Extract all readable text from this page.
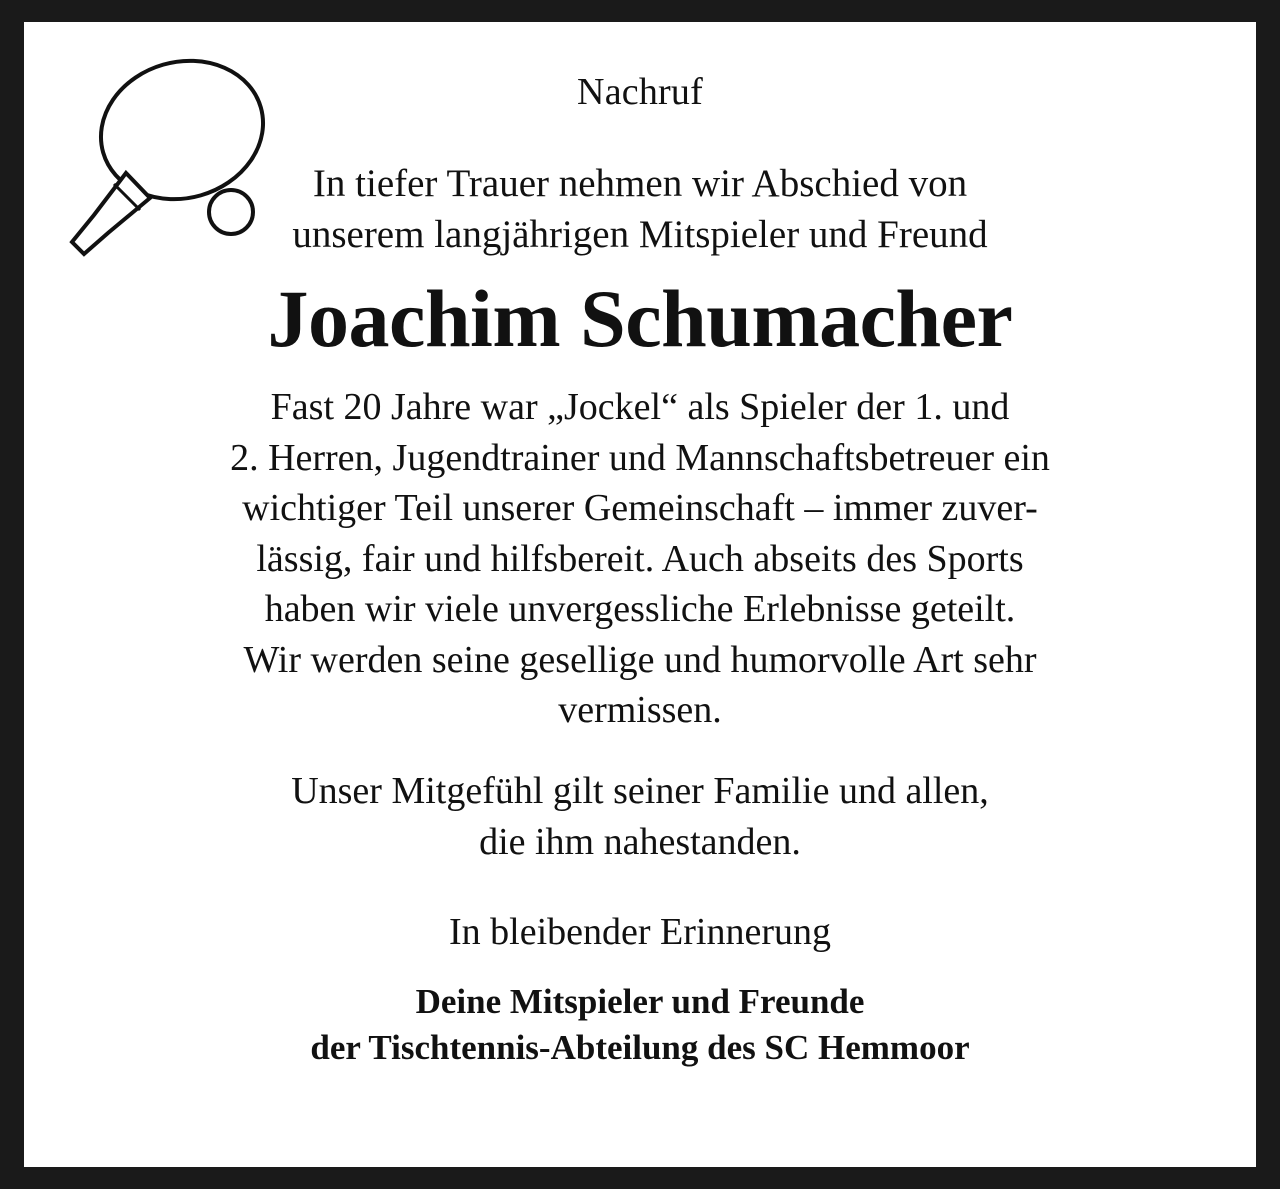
Nachruf
In tiefer Trauer nehmen wir Abschied von
unserem langjährigen Mitspieler und Freund
Joachim Schumacher
Fast 20 Jahre war „Jockel“ als Spieler der 1. und
2. Herren, Jugendtrainer und Mannschaftsbetreuer ein
wichtiger Teil unserer Gemeinschaft – immer zuver-
lässig, fair und hilfsbereit. Auch abseits des Sports
haben wir viele unvergessliche Erlebnisse geteilt.
Wir werden seine gesellige und humorvolle Art sehr
vermissen.
Unser Mitgefühl gilt seiner Familie und allen,
die ihm nahestanden.
In bleibender Erinnerung
Deine Mitspieler und Freunde
der Tischtennis-Abteilung des SC Hemmoor
